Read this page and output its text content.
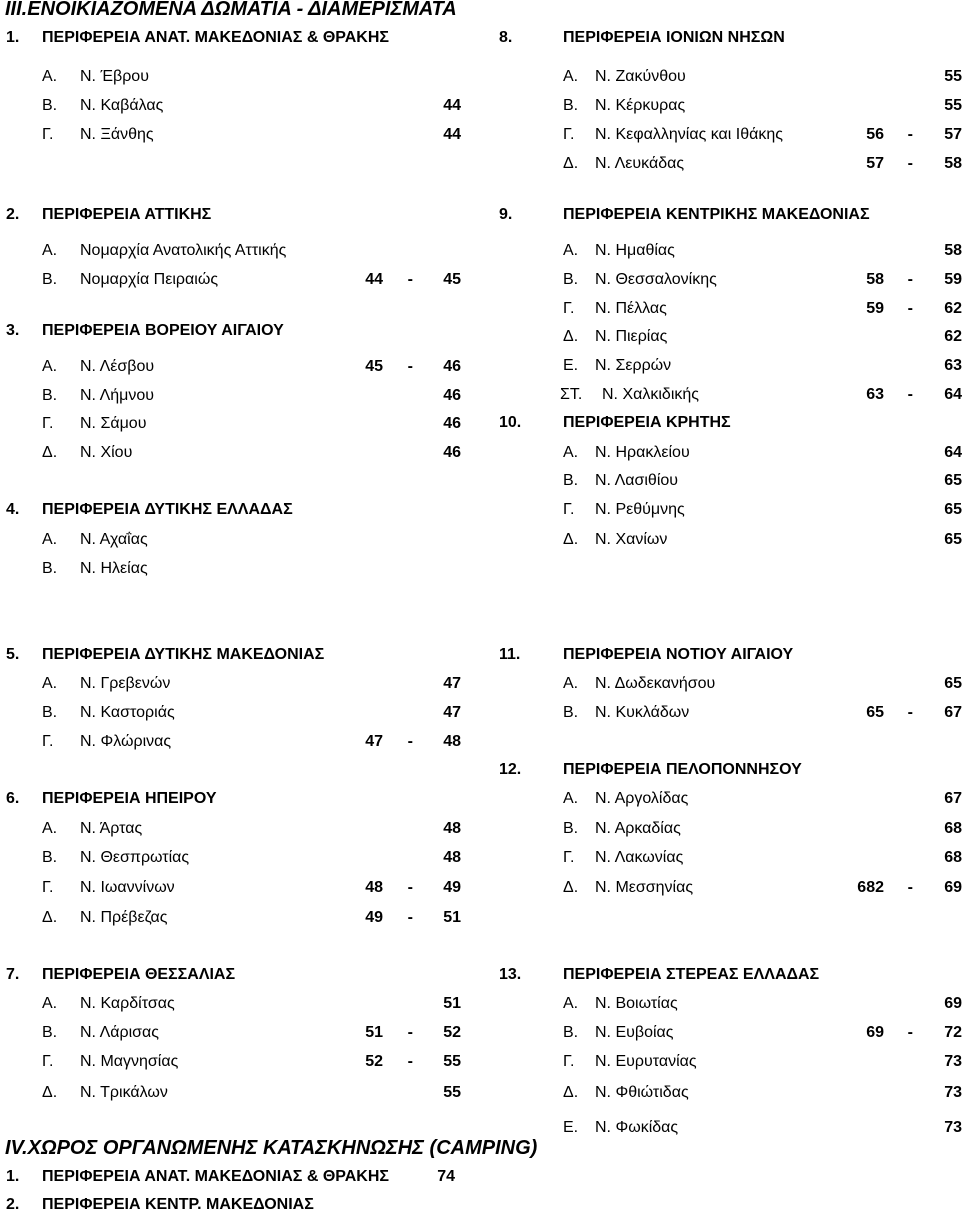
III.ΕΝΟΙΚΙΑΖΟΜΕΝΑ ΔΩΜΑΤΙΑ - ΔΙΑΜΕΡΙΣΜΑΤΑ
IV.ΧΩΡΟΣ ΟΡΓΑΝΩΜΕΝΗΣ ΚΑΤΑΣΚΗΝΩΣΗΣ (CAMPING)
1. ΠΕΡΙΦΕΡΕΙΑ ΑΝΑΤ. ΜΑΚΕΔΟΝΙΑΣ & ΘΡΑΚΗΣ
Α. Ν. Έβρου
Β. Ν. Καβάλας	44
Γ. Ν. Ξάνθης	44
2. ΠΕΡΙΦΕΡΕΙΑ ΑΤΤΙΚΗΣ
Α. Νομαρχία Ανατολικής Αττικής
Β. Νομαρχία Πειραιώς	44 - 45
3. ΠΕΡΙΦΕΡΕΙΑ ΒΟΡΕΙΟΥ ΑΙΓΑΙΟΥ
Α. Ν. Λέσβου	45 - 46
Β. Ν. Λήμνου	46
Γ. Ν. Σάμου	46
Δ. Ν. Χίου	46
4. ΠΕΡΙΦΕΡΕΙΑ ΔΥΤΙΚΗΣ ΕΛΛΑΔΑΣ
Α. Ν. Αχαΐας
Β. Ν. Ηλείας
5. ΠΕΡΙΦΕΡΕΙΑ ΔΥΤΙΚΗΣ ΜΑΚΕΔΟΝΙΑΣ
Α. Ν. Γρεβενών	47
Β. Ν. Καστοριάς	47
Γ. Ν. Φλώρινας	47 - 48
6. ΠΕΡΙΦΕΡΕΙΑ ΗΠΕΙΡΟΥ
Α. Ν. Άρτας	48
Β. Ν. Θεσπρωτίας	48
Γ. Ν. Ιωαννίνων	48 - 49
Δ. Ν. Πρέβεζας	49 - 51
7. ΠΕΡΙΦΕΡΕΙΑ ΘΕΣΣΑΛΙΑΣ
Α. Ν. Καρδίτσας	51
Β. Ν. Λάρισας	51 - 52
Γ. Ν. Μαγνησίας	52 - 55
Δ. Ν. Τρικάλων	55
8.	ΠΕΡΙΦΕΡΕΙΑ ΙΟΝΙΩΝ ΝΗΣΩΝ
Α. Ν. Ζακύνθου	55
Β. Ν. Κέρκυρας	55
Γ. Ν. Κεφαλληνίας και Ιθάκης	56 - 57
Δ. Ν. Λευκάδας	57 - 58
9.	ΠΕΡΙΦΕΡΕΙΑ ΚΕΝΤΡΙΚΗΣ ΜΑΚΕΔΟΝΙΑΣ
Α. Ν. Ημαθίας	58
Β. Ν. Θεσσαλονίκης	58 - 59
Γ. Ν. Πέλλας	59 - 62
Δ. Ν. Πιερίας	62
Ε. Ν. Σερρών	63
ΣΤ. Ν. Χαλκιδικής	63 - 64
10.	ΠΕΡΙΦΕΡΕΙΑ ΚΡΗΤΗΣ
Α. Ν. Ηρακλείου	64
Β. Ν. Λασιθίου	65
Γ. Ν. Ρεθύμνης	65
Δ. Ν. Χανίων	65
11.	ΠΕΡΙΦΕΡΕΙΑ ΝΟΤΙΟΥ ΑΙΓΑΙΟΥ
Α. Ν. Δωδεκανήσου	65
Β. Ν. Κυκλάδων	65 - 67
12.	ΠΕΡΙΦΕΡΕΙΑ ΠΕΛΟΠΟΝΝΗΣΟΥ
Α. Ν. Αργολίδας	67
Β. Ν. Αρκαδίας	68
Γ. Ν. Λακωνίας	68
Δ. Ν. Μεσσηνίας	682 - 69
13.	ΠΕΡΙΦΕΡΕΙΑ ΣΤΕΡΕΑΣ ΕΛΛΑΔΑΣ
Α. Ν. Βοιωτίας	69
Β. Ν. Ευβοίας	69 - 72
Γ. Ν. Ευρυτανίας	73
Δ. Ν. Φθιώτιδας	73
Ε. Ν. Φωκίδας	73
1. ΠΕΡΙΦΕΡΕΙΑ ΑΝΑΤ. ΜΑΚΕΔΟΝΙΑΣ & ΘΡΑΚΗΣ	74
2. ΠΕΡΙΦΕΡΕΙΑ ΚΕΝΤΡ. ΜΑΚΕΔΟΝΙΑΣ
